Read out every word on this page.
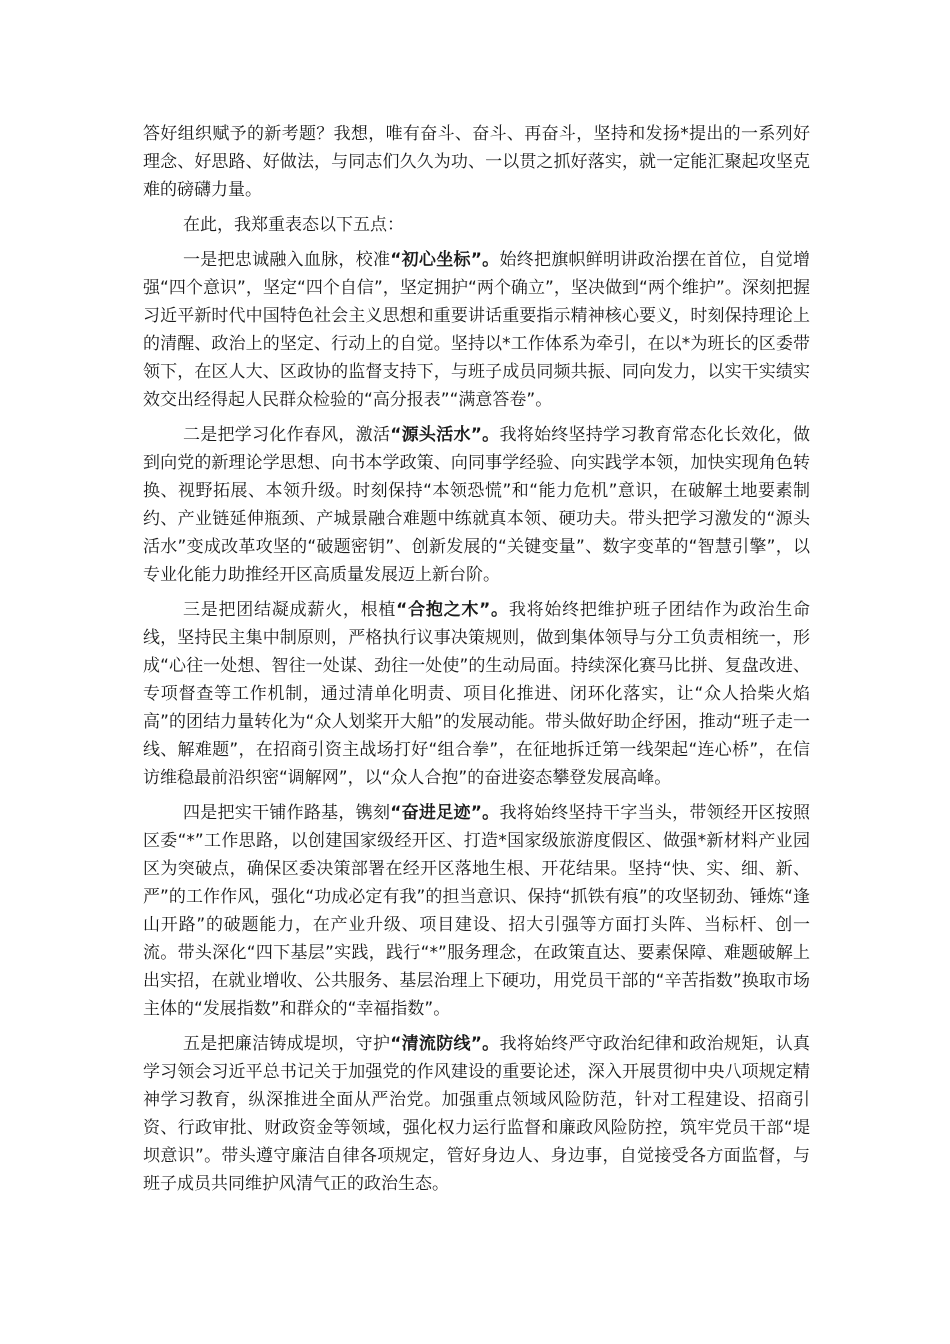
答好组织赋予的新考题？我想，唯有奋斗、奋斗、再奋斗，坚持和发扬*提出的一系列好理念、好思路、好做法，与同志们久久为功、一以贯之抓好落实，就一定能汇聚起攻坚克难的磅礴力量。

在此，我郑重表态以下五点：

一是把忠诚融入血脉，校准“初心坐标”。始终把旗帜鲜明讲政治摆在首位，自觉增强“四个意识”，坚定“四个自信”，坚定拥护“两个确立”，坚决做到“两个维护”。深刻把握习近平新时代中国特色社会主义思想和重要讲话重要指示精神核心要义，时刻保持理论上的清醒、政治上的坚定、行动上的自觉。坚持以*工作体系为牵引，在以*为班长的区委带领下，在区人大、区政协的监督支持下，与班子成员同频共振、同向发力，以实干实绩实效交出经得起人民群众检验的“高分报表”“满意答卷”。

二是把学习化作春风，激活“源头活水”。我将始终坚持学习教育常态化长效化，做到向党的新理论学思想、向书本学政策、向同事学经验、向实践学本领，加快实现角色转换、视野拓展、本领升级。时刻保持“本领恐慌”和“能力危机”意识，在破解土地要素制约、产业链延伸瓶颈、产城景融合难题中练就真本领、硬功夫。带头把学习激发的“源头活水”变成改革攻坚的“破题密钥”、创新发展的“关键变量”、数字变革的“智慧引擎”，以专业化能力助推经开区高质量发展迈上新台阶。

三是把团结凝成薪火，根植“合抱之木”。我将始终把维护班子团结作为政治生命线，坚持民主集中制原则，严格执行议事决策规则，做到集体领导与分工负责相统一，形成“心往一处想、智往一处谋、劲往一处使”的生动局面。持续深化赛马比拼、复盘改进、专项督查等工作机制，通过清单化明责、项目化推进、闭环化落实，让“众人拾柴火焰高”的团结力量转化为“众人划桨开大船”的发展动能。带头做好助企纾困，推动“班子走一线、解难题”，在招商引资主战场打好“组合拳”，在征地拆迁第一线架起“连心桥”，在信访维稳最前沿织密“调解网”，以“众人合抱”的奋进姿态攀登发展高峰。

四是把实干铺作路基，镌刻“奋进足迹”。我将始终坚持干字当头，带领经开区按照区委“*”工作思路，以创建国家级经开区、打造*国家级旅游度假区、做强*新材料产业园区为突破点，确保区委决策部署在经开区落地生根、开花结果。坚持“快、实、细、新、严”的工作作风，强化“功成必定有我”的担当意识、保持“抓铁有痕”的攻坚韧劲、锤炼“逢山开路”的破题能力，在产业升级、项目建设、招大引强等方面打头阵、当标杆、创一流。带头深化“四下基层”实践，践行“*”服务理念，在政策直达、要素保障、难题破解上出实招，在就业增收、公共服务、基层治理上下硬功，用党员干部的“辛苦指数”换取市场主体的“发展指数”和群众的“幸福指数”。

五是把廉洁铸成堤坝，守护“清流防线”。我将始终严守政治纪律和政治规矩，认真学习领会习近平总书记关于加强党的作风建设的重要论述，深入开展贯彻中央八项规定精神学习教育，纵深推进全面从严治党。加强重点领域风险防范，针对工程建设、招商引资、行政审批、财政资金等领域，强化权力运行监督和廉政风险防控，筑牢党员干部“堤坝意识”。带头遵守廉洁自律各项规定，管好身边人、身边事，自觉接受各方面监督，与班子成员共同维护风清气正的政治生态。
